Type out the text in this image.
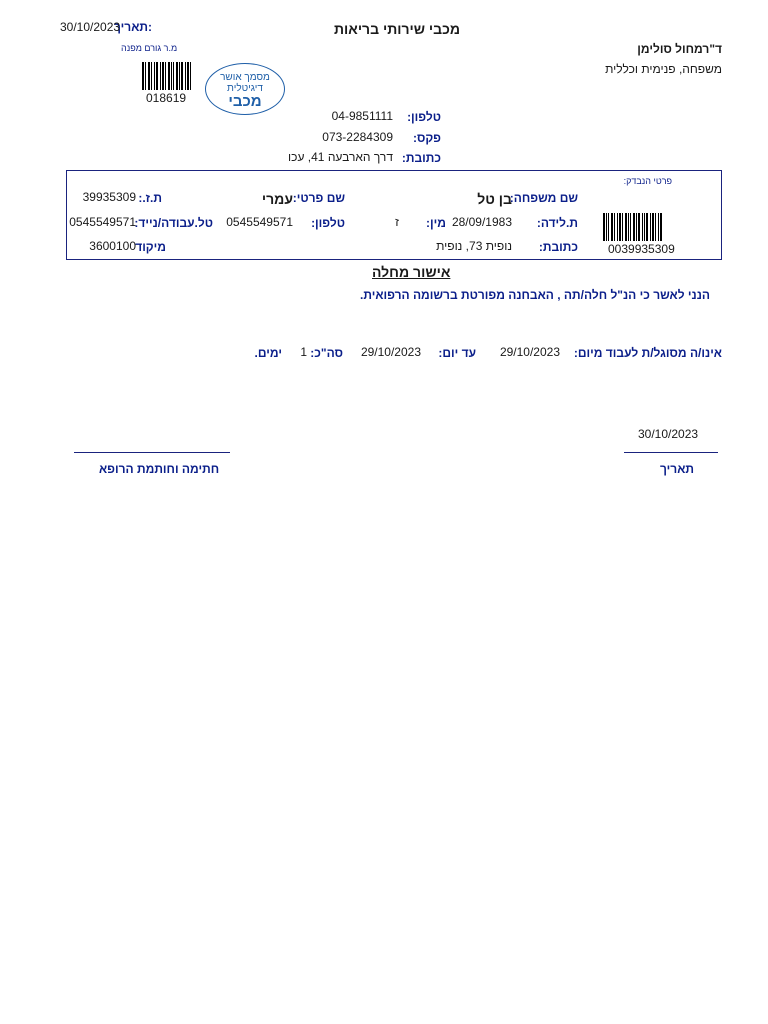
תאריך:
30/10/2023	מכבי שירותי בריאות
מ.ר גורם מפנה
018619
מסמך אושר
דיגיטלית
מכבי
ד"רמחול סולימן
משפחה, פנימית וכללית
טלפון:
04-9851111
פקס:
073-2284309
כתובת:
דרך הארבעה 41, עכו
פרטי הנבדק:
שם משפחה:
בן טל
שם פרטי:
עמרי
ת.ז.:
39935309
0039935309
ת.לידה:
28/09/1983
מין:
ז
טלפון:
0545549571
טל.עבודה/נייד:
0545549571
כתובת:
נופית 73, נופית
מיקוד
3600100
אישור מחלה
הנני לאשר כי הנ"ל חלה/תה , האבחנה מפורטת ברשומה הרפואית.
אינו/ה מסוגל/ת לעבוד מיום:
29/10/2023
עד יום:
29/10/2023
סה"כ:
1
ימים.
30/10/2023
תאריך
חתימה וחותמת הרופא
